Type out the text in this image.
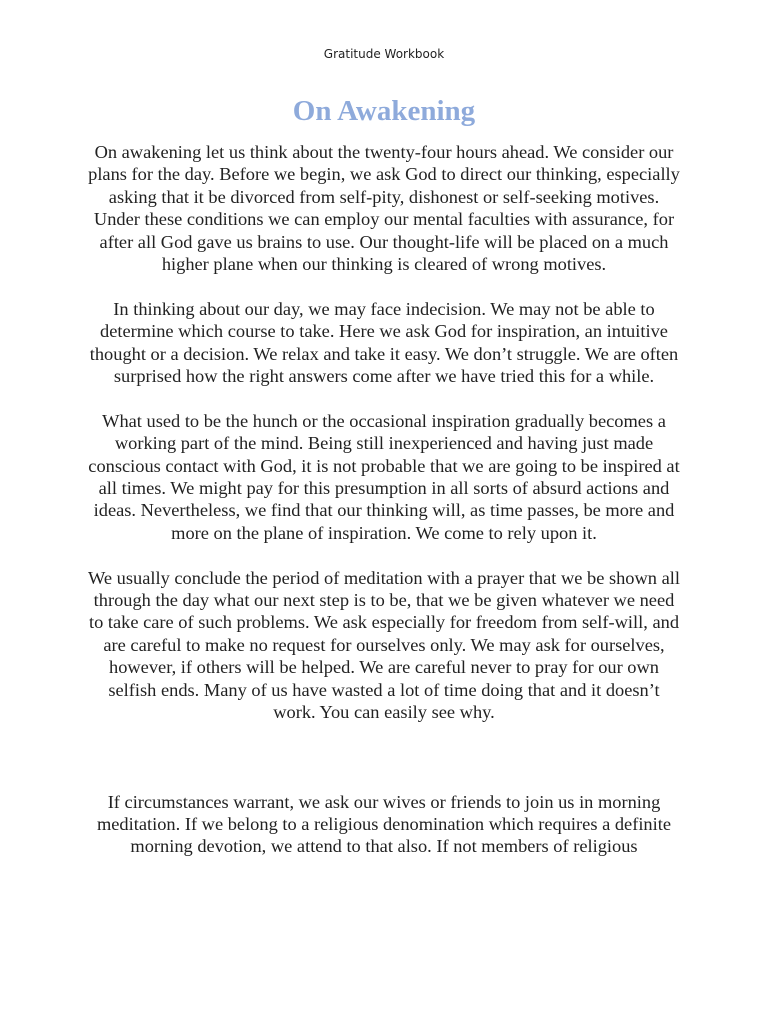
Gratitude Workbook

On Awakening

On awakening let us think about the twenty-four hours ahead. We consider our plans for the day. Before we begin, we ask God to direct our thinking, especially asking that it be divorced from self-pity, dishonest or self-seeking motives. Under these conditions we can employ our mental faculties with assurance, for after all God gave us brains to use. Our thought-life will be placed on a much higher plane when our thinking is cleared of wrong motives.

In thinking about our day, we may face indecision. We may not be able to determine which course to take. Here we ask God for inspiration, an intuitive thought or a decision. We relax and take it easy. We don’t struggle. We are often surprised how the right answers come after we have tried this for a while.

What used to be the hunch or the occasional inspiration gradually becomes a working part of the mind. Being still inexperienced and having just made conscious contact with God, it is not probable that we are going to be inspired at all times. We might pay for this presumption in all sorts of absurd actions and ideas. Nevertheless, we find that our thinking will, as time passes, be more and more on the plane of inspiration. We come to rely upon it.

We usually conclude the period of meditation with a prayer that we be shown all through the day what our next step is to be, that we be given whatever we need to take care of such problems. We ask especially for freedom from self-will, and are careful to make no request for ourselves only. We may ask for ourselves, however, if others will be helped. We are careful never to pray for our own selfish ends. Many of us have wasted a lot of time doing that and it doesn’t work. You can easily see why.

If circumstances warrant, we ask our wives or friends to join us in morning meditation. If we belong to a religious denomination which requires a definite morning devotion, we attend to that also. If not members of religious
